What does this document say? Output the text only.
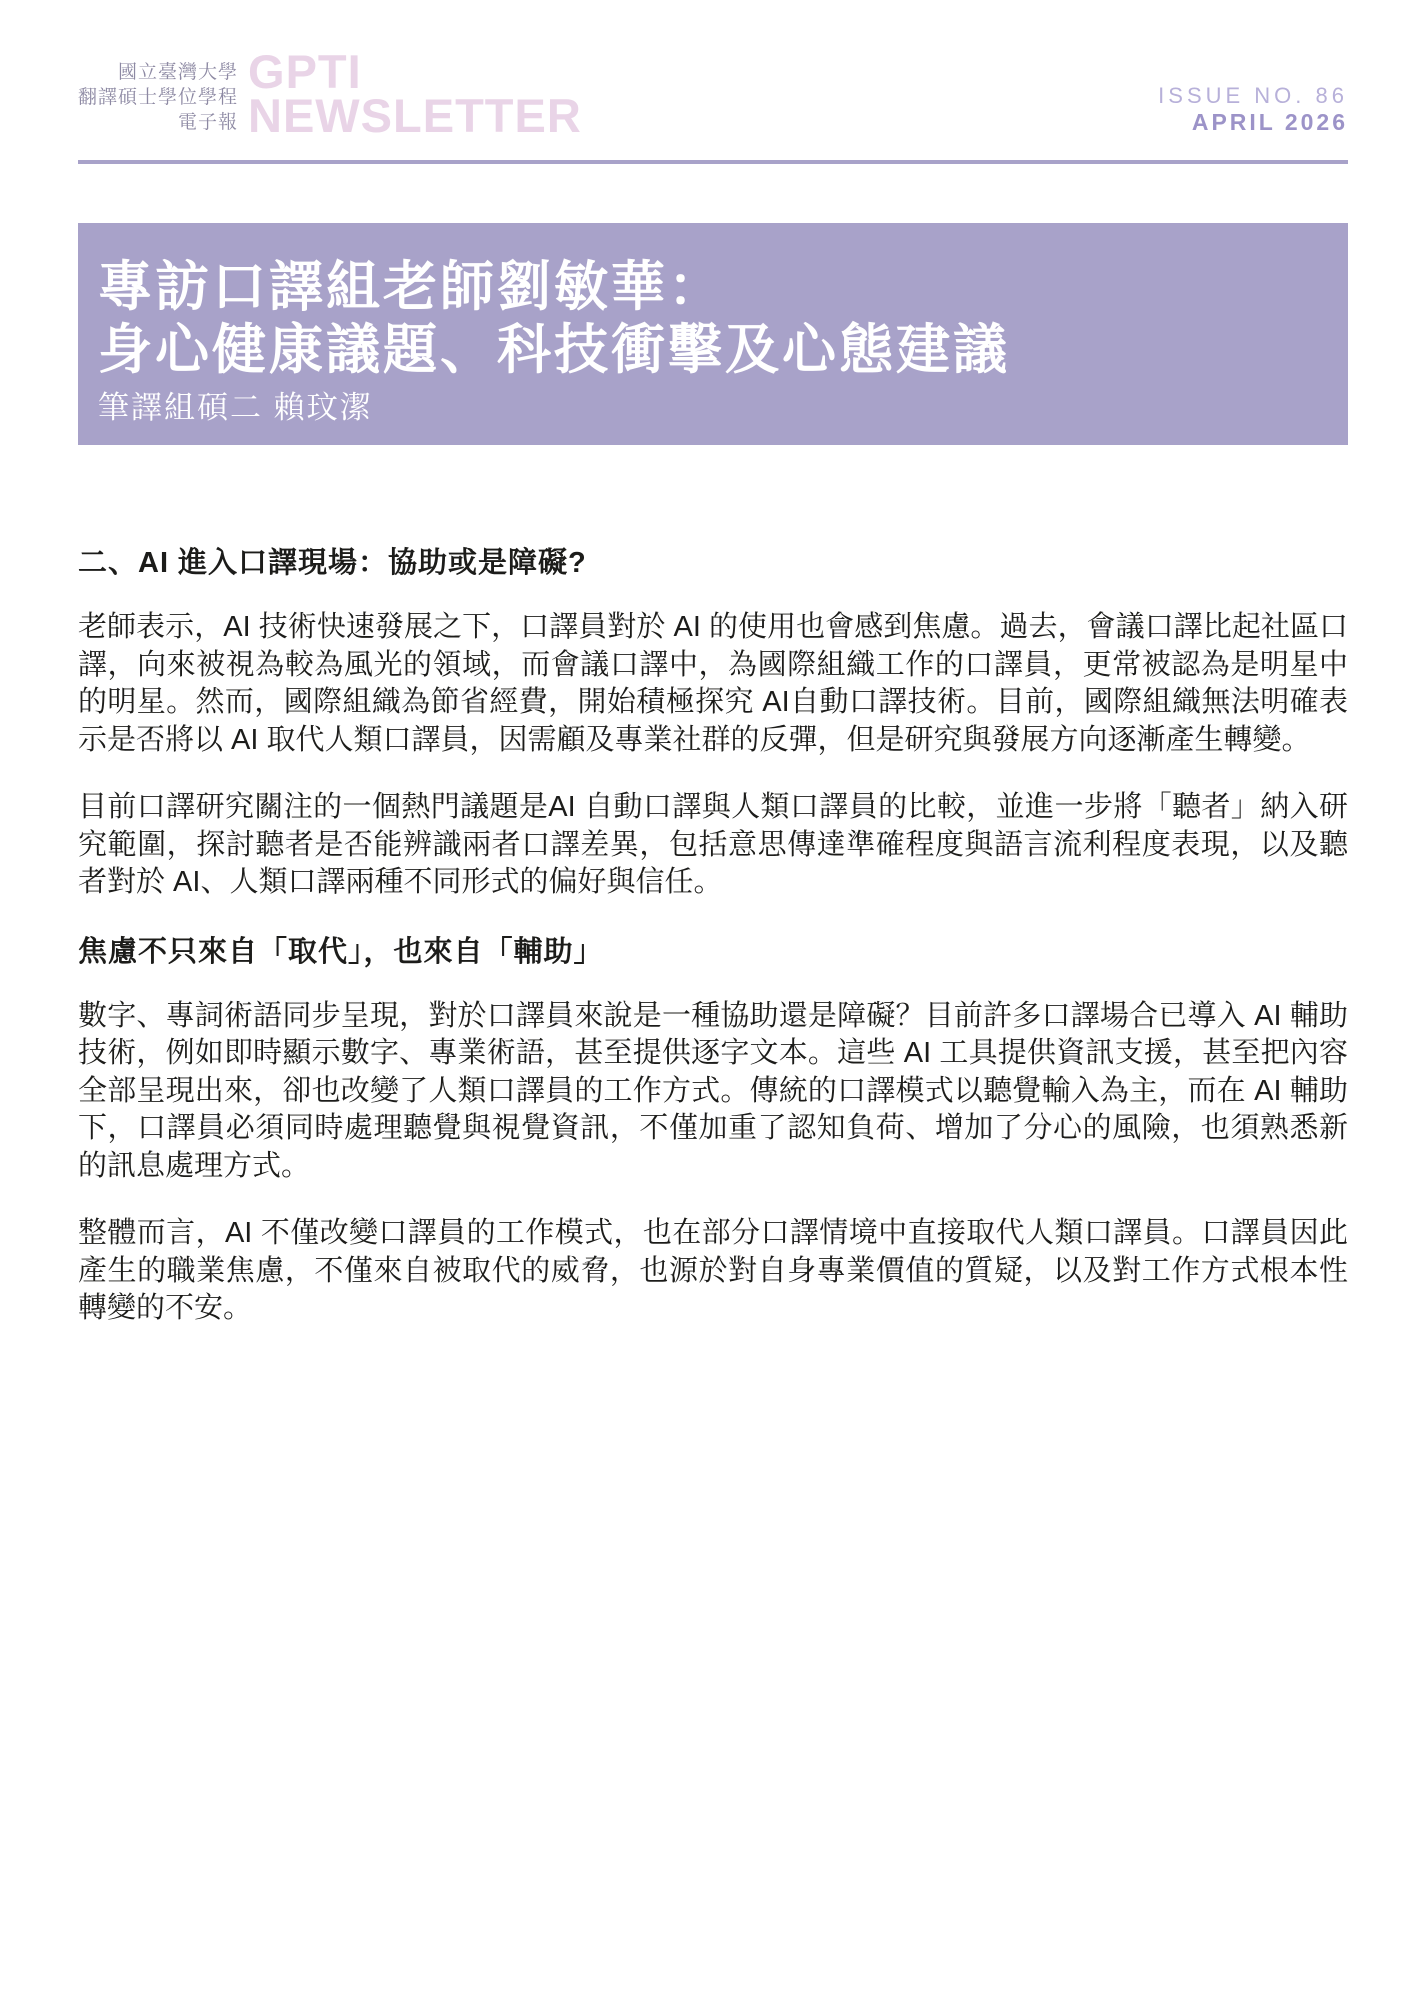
國立臺灣大學
翻譯碩士學位學程
電子報
GPTI
NEWSLETTER	ISSUE NO. 86
APRIL 2026
專訪口譯組老師劉敏華：
身心健康議題、科技衝擊及心態建議
筆譯組碩二 賴玟潔
二、AI 進入口譯現場：協助或是障礙?

老師表示，AI 技術快速發展之下，口譯員對於 AI 的使用也會感到焦慮。過去，會議口譯比起社區口譯，向來被視為較為風光的領域，而會議口譯中，為國際組織工作的口譯員，更常被認為是明星中的明星。然而，國際組織為節省經費，開始積極探究 AI自動口譯技術。目前，國際組織無法明確表示是否將以 AI 取代人類口譯員，因需顧及專業社群的反彈，但是研究與發展方向逐漸產生轉變。

目前口譯研究關注的一個熱門議題是AI 自動口譯與人類口譯員的比較，並進一步將「聽者」納入研究範圍，探討聽者是否能辨識兩者口譯差異，包括意思傳達準確程度與語言流利程度表現，以及聽者對於 AI、人類口譯兩種不同形式的偏好與信任。

焦慮不只來自「取代」，也來自「輔助」

數字、專詞術語同步呈現，對於口譯員來說是一種協助還是障礙？目前許多口譯場合已導入 AI 輔助技術，例如即時顯示數字、專業術語，甚至提供逐字文本。這些 AI 工具提供資訊支援，甚至把內容全部呈現出來，卻也改變了人類口譯員的工作方式。傳統的口譯模式以聽覺輸入為主，而在 AI 輔助下，口譯員必須同時處理聽覺與視覺資訊，不僅加重了認知負荷、增加了分心的風險，也須熟悉新的訊息處理方式。

整體而言，AI 不僅改變口譯員的工作模式，也在部分口譯情境中直接取代人類口譯員。口譯員因此產生的職業焦慮，不僅來自被取代的威脅，也源於對自身專業價值的質疑，以及對工作方式根本性轉變的不安。
